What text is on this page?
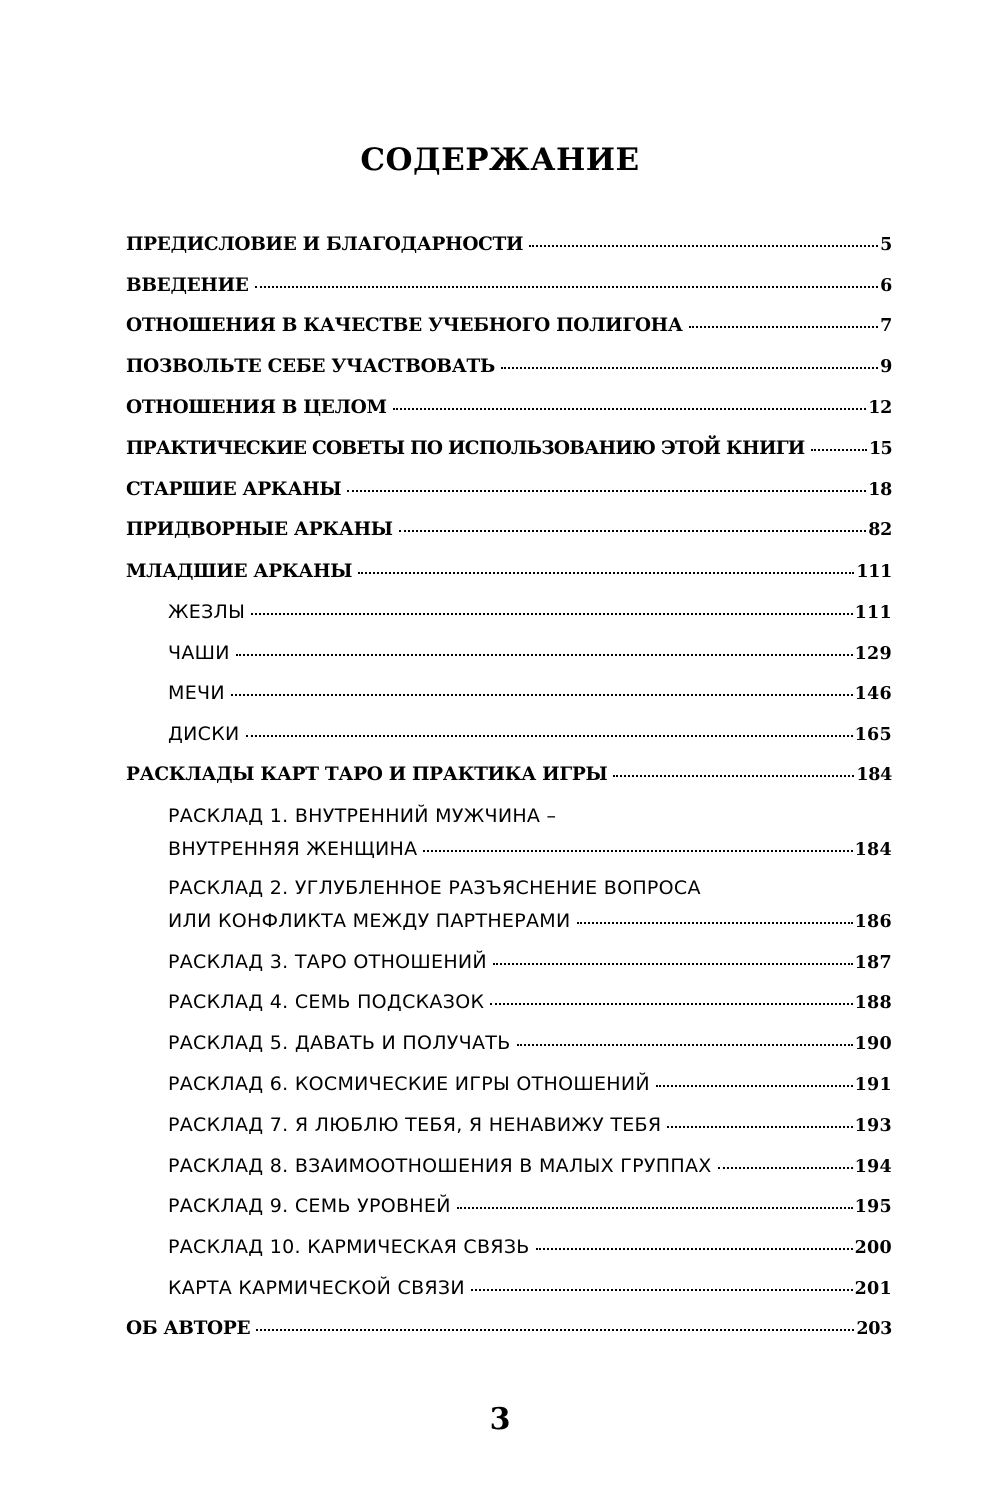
СОДЕРЖАНИЕ
ПРЕДИСЛОВИЕ И БЛАГОДАРНОСТИ	5
ВВЕДЕНИЕ	6
ОТНОШЕНИЯ В КАЧЕСТВЕ УЧЕБНОГО ПОЛИГОНА	7
ПОЗВОЛЬТЕ СЕБЕ УЧАСТВОВАТЬ	9
ОТНОШЕНИЯ В ЦЕЛОМ	12
ПРАКТИЧЕСКИЕ СОВЕТЫ ПО ИСПОЛЬЗОВАНИЮ ЭТОЙ КНИГИ	15
СТАРШИЕ АРКАНЫ	18
ПРИДВОРНЫЕ АРКАНЫ	82
МЛАДШИЕ АРКАНЫ	111
ЖЕЗЛЫ	111
ЧАШИ	129
МЕЧИ	146
ДИСКИ	165
РАСКЛАДЫ КАРТ ТАРО И ПРАКТИКА ИГРЫ	184
РАСКЛАД 1. ВНУТРЕННИЙ МУЖЧИНА –
ВНУТРЕННЯЯ ЖЕНЩИНА	184
РАСКЛАД 2. УГЛУБЛЕННОЕ РАЗЪЯСНЕНИЕ ВОПРОСА
ИЛИ КОНФЛИКТА МЕЖДУ ПАРТНЕРАМИ	186
РАСКЛАД 3. ТАРО ОТНОШЕНИЙ	187
РАСКЛАД 4. СЕМЬ ПОДСКАЗОК	188
РАСКЛАД 5. ДАВАТЬ И ПОЛУЧАТЬ	190
РАСКЛАД 6. КОСМИЧЕСКИЕ ИГРЫ ОТНОШЕНИЙ	191
РАСКЛАД 7. Я ЛЮБЛЮ ТЕБЯ, Я НЕНАВИЖУ ТЕБЯ	193
РАСКЛАД 8. ВЗАИМООТНОШЕНИЯ В МАЛЫХ ГРУППАХ	194
РАСКЛАД 9. СЕМЬ УРОВНЕЙ	195
РАСКЛАД 10. КАРМИЧЕСКАЯ СВЯЗЬ	200
КАРТА КАРМИЧЕСКОЙ СВЯЗИ	201
ОБ АВТОРЕ	203
3
